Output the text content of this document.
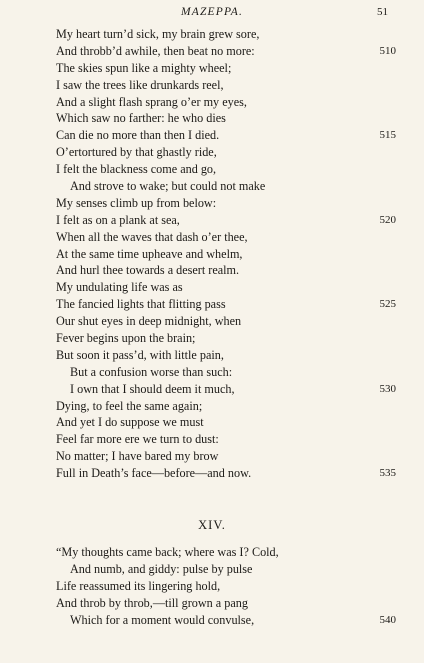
MAZEPPA.	51
My heart turn’d sick, my brain grew sore,
And throbb’d awhile, then beat no more:	510
The skies spun like a mighty wheel;
I saw the trees like drunkards reel,
And a slight flash sprang o’er my eyes,
Which saw no farther: he who dies
Can die no more than then I died.	515
O’ertortured by that ghastly ride,
I felt the blackness come and go,
And strove to wake; but could not make
My senses climb up from below:
I felt as on a plank at sea,	520
When all the waves that dash o’er thee,
At the same time upheave and whelm,
And hurl thee towards a desert realm.
My undulating life was as
The fancied lights that flitting pass	525
Our shut eyes in deep midnight, when
Fever begins upon the brain;
But soon it pass’d, with little pain,
But a confusion worse than such:
I own that I should deem it much,	530
Dying, to feel the same again;
And yet I do suppose we must
Feel far more ere we turn to dust:
No matter; I have bared my brow
Full in Death’s face—before—and now.	535
XIV.
“My thoughts came back; where was I? Cold,
And numb, and giddy: pulse by pulse
Life reassumed its lingering hold,
And throb by throb,—till grown a pang
Which for a moment would convulse,	540
